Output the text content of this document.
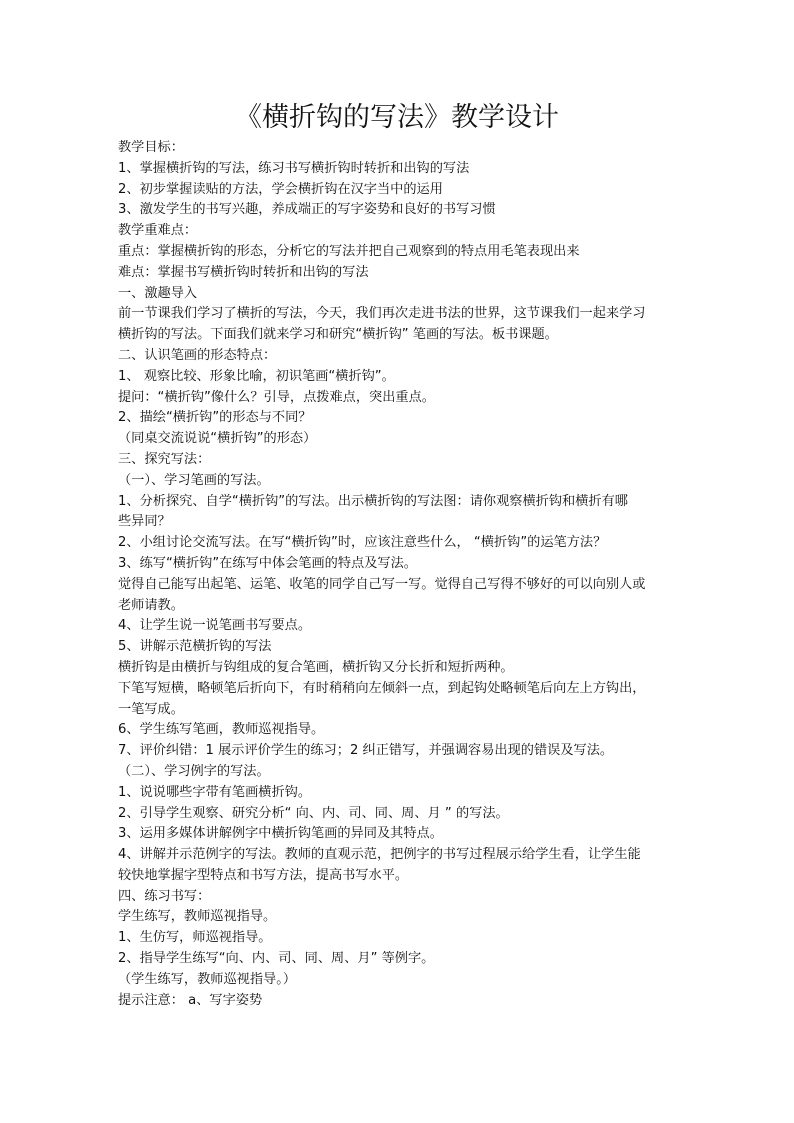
《横折钩的写法》教学设计
教学目标：
1、掌握横折钩的写法，练习书写横折钩时转折和出钩的写法
2、初步掌握读贴的方法，学会横折钩在汉字当中的运用
3、激发学生的书写兴趣，养成端正的写字姿势和良好的书写习惯
教学重难点：
重点：掌握横折钩的形态，分析它的写法并把自己观察到的特点用毛笔表现出来
难点：掌握书写横折钩时转折和出钩的写法
一、激趣导入
前一节课我们学习了横折的写法，今天，我们再次走进书法的世界，这节课我们一起来学习
横折钩的写法。下面我们就来学习和研究“横折钩” 笔画的写法。板书课题。
二、认识笔画的形态特点：
1、 观察比较、形象比喻，初识笔画“横折钩”。
提问：“横折钩”像什么？引导，点拨难点，突出重点。
2、描绘“横折钩”的形态与不同？
（同桌交流说说“横折钩”的形态）
三、探究写法：
（一）、学习笔画的写法。
1、分析探究、自学“横折钩”的写法。出示横折钩的写法图：请你观察横折钩和横折有哪
些异同？
2、小组讨论交流写法。在写“横折钩”时，应该注意些什么， “横折钩”的运笔方法？
3、练写“横折钩”在练写中体会笔画的特点及写法。
觉得自己能写出起笔、运笔、收笔的同学自己写一写。觉得自己写得不够好的可以向别人或
老师请教。
4、让学生说一说笔画书写要点。
5、讲解示范横折钩的写法
横折钩是由横折与钩组成的复合笔画，横折钩又分长折和短折两种。
下笔写短横，略顿笔后折向下，有时稍稍向左倾斜一点，到起钩处略顿笔后向左上方钩出，
一笔写成。
6、学生练写笔画，教师巡视指导。
7、评价纠错：1 展示评价学生的练习；2 纠正错写，并强调容易出现的错误及写法。
（二）、学习例字的写法。
1、说说哪些字带有笔画横折钩。
2、引导学生观察、研究分析“ 向、内、司、同、周、月 ” 的写法。
3、运用多媒体讲解例字中横折钩笔画的异同及其特点。
4、讲解并示范例字的写法。教师的直观示范，把例字的书写过程展示给学生看，让学生能
较快地掌握字型特点和书写方法，提高书写水平。
四、练习书写：
学生练写，教师巡视指导。
1、生仿写，师巡视指导。
2、指导学生练写“向、内、司、同、周、月” 等例字。
（学生练写，教师巡视指导。）
提示注意： a、写字姿势
